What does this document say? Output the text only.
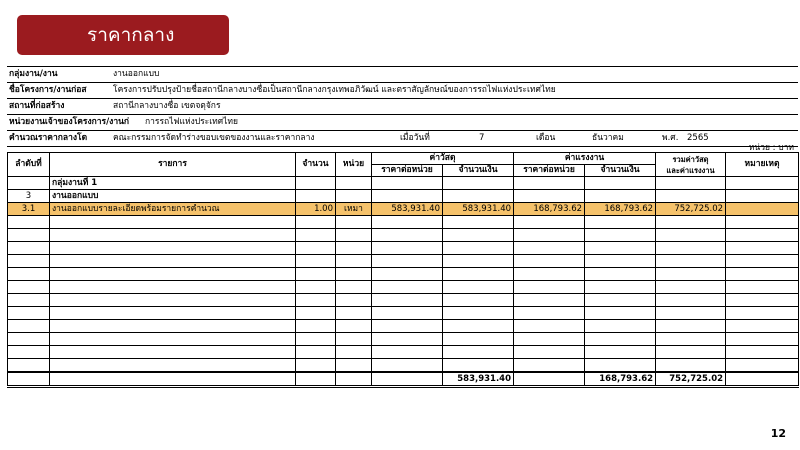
ราคากลาง
กลุ่มงาน/งาน	งานออกแบบ
ชื่อโครงการ/งานก่อส	โครงการปรับปรุงป้ายชื่อสถานีกลางบางซื่อเป็นสถานีกลางกรุงเทพอภิวัฒน์ และตราสัญลักษณ์ของการรถไฟแห่งประเทศไทย
สถานที่ก่อสร้าง	สถานีกลางบางซื่อ เขตจตุจักร
หน่วยงานเจ้าของโครงการ/งานก่ การรถไฟแห่งประเทศไทย
คำนวณราคากลางโด	คณะกรรมการจัดทำร่างขอบเขตของงานและราคากลาง	เมื่อวันที่	7	เดือน	ธันวาคม	พ.ศ. 2565
หน่วย : บาท
ลำดับที่	รายการ	จำนวน	หน่วย	ค่าวัสดุ		ค่าแรงงาน		รวมค่าวัสดุ
และค่าแรงงาน	หมายเหตุ
				ราคาต่อหน่วย	จำนวนเงิน	ราคาต่อหน่วย	จำนวนเงิน		
	กลุ่มงานที่ 1								
3	งานออกแบบ								
3.1	งานออกแบบรายละเอียดพร้อมรายการคำนวณ	1.00	เหมา	583,931.40	583,931.40	168,793.62	168,793.62	752,725.02	

					583,931.40		168,793.62	752,725.02	
12
